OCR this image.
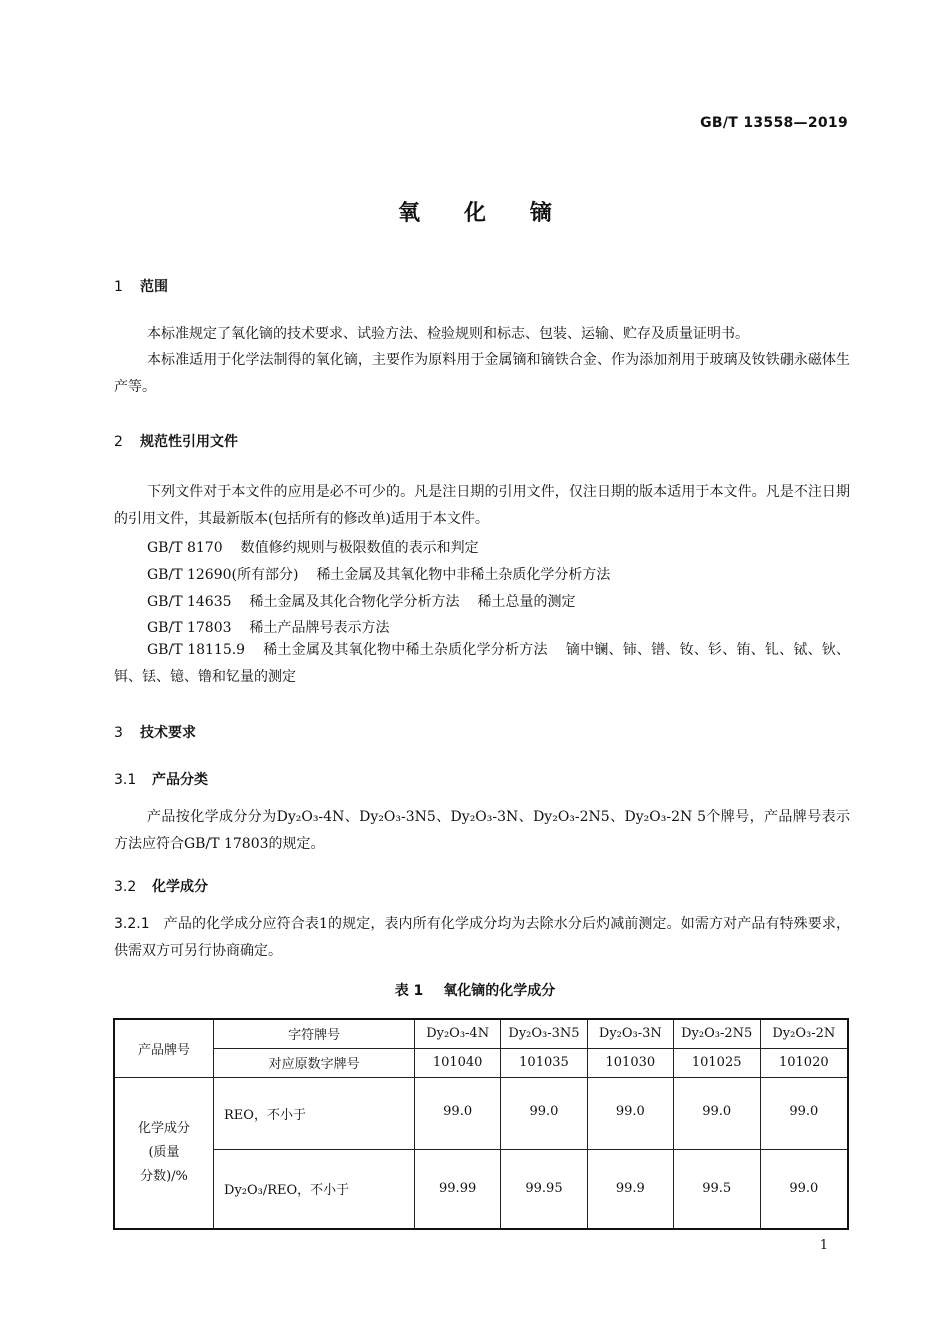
GB/T 13558—2019
氧化镝
1 范围
本标准规定了氧化镝的技术要求、试验方法、检验规则和标志、包装、运输、贮存及质量证明书。
本标准适用于化学法制得的氧化镝，主要作为原料用于金属镝和镝铁合金、作为添加剂用于玻璃及钕铁硼永磁体生产等。
2 规范性引用文件
下列文件对于本文件的应用是必不可少的。凡是注日期的引用文件，仅注日期的版本适用于本文件。凡是不注日期的引用文件，其最新版本(包括所有的修改单)适用于本文件。
GB/T 8170 数值修约规则与极限数值的表示和判定
GB/T 12690(所有部分) 稀土金属及其氧化物中非稀土杂质化学分析方法
GB/T 14635 稀土金属及其化合物化学分析方法 稀土总量的测定
GB/T 17803 稀土产品牌号表示方法
GB/T 18115.9 稀土金属及其氧化物中稀土杂质化学分析方法 镝中镧、铈、镨、钕、钐、铕、钆、铽、钬、铒、铥、镱、镥和钇量的测定
3 技术要求
3.1 产品分类
产品按化学成分分为Dy₂O₃-4N、Dy₂O₃-3N5、Dy₂O₃-3N、Dy₂O₃-2N5、Dy₂O₃-2N 5个牌号，产品牌号表示方法应符合GB/T 17803的规定。
3.2 化学成分
3.2.1 产品的化学成分应符合表1的规定，表内所有化学成分均为去除水分后灼减前测定。如需方对产品有特殊要求，供需双方可另行协商确定。
表 1 氧化镝的化学成分
产品牌号	字符牌号	Dy₂O₃-4N	Dy₂O₃-3N5	Dy₂O₃-3N	Dy₂O₃-2N5	Dy₂O₃-2N
	对应原数字牌号	101040	101035	101030	101025	101020

化学成分
(质量
分数)/%	REO，不小于	99.0	99.0	99.0	99.0	99.0
	Dy₂O₃/REO，不小于	99.99	99.95	99.9	99.5	99.0
1
